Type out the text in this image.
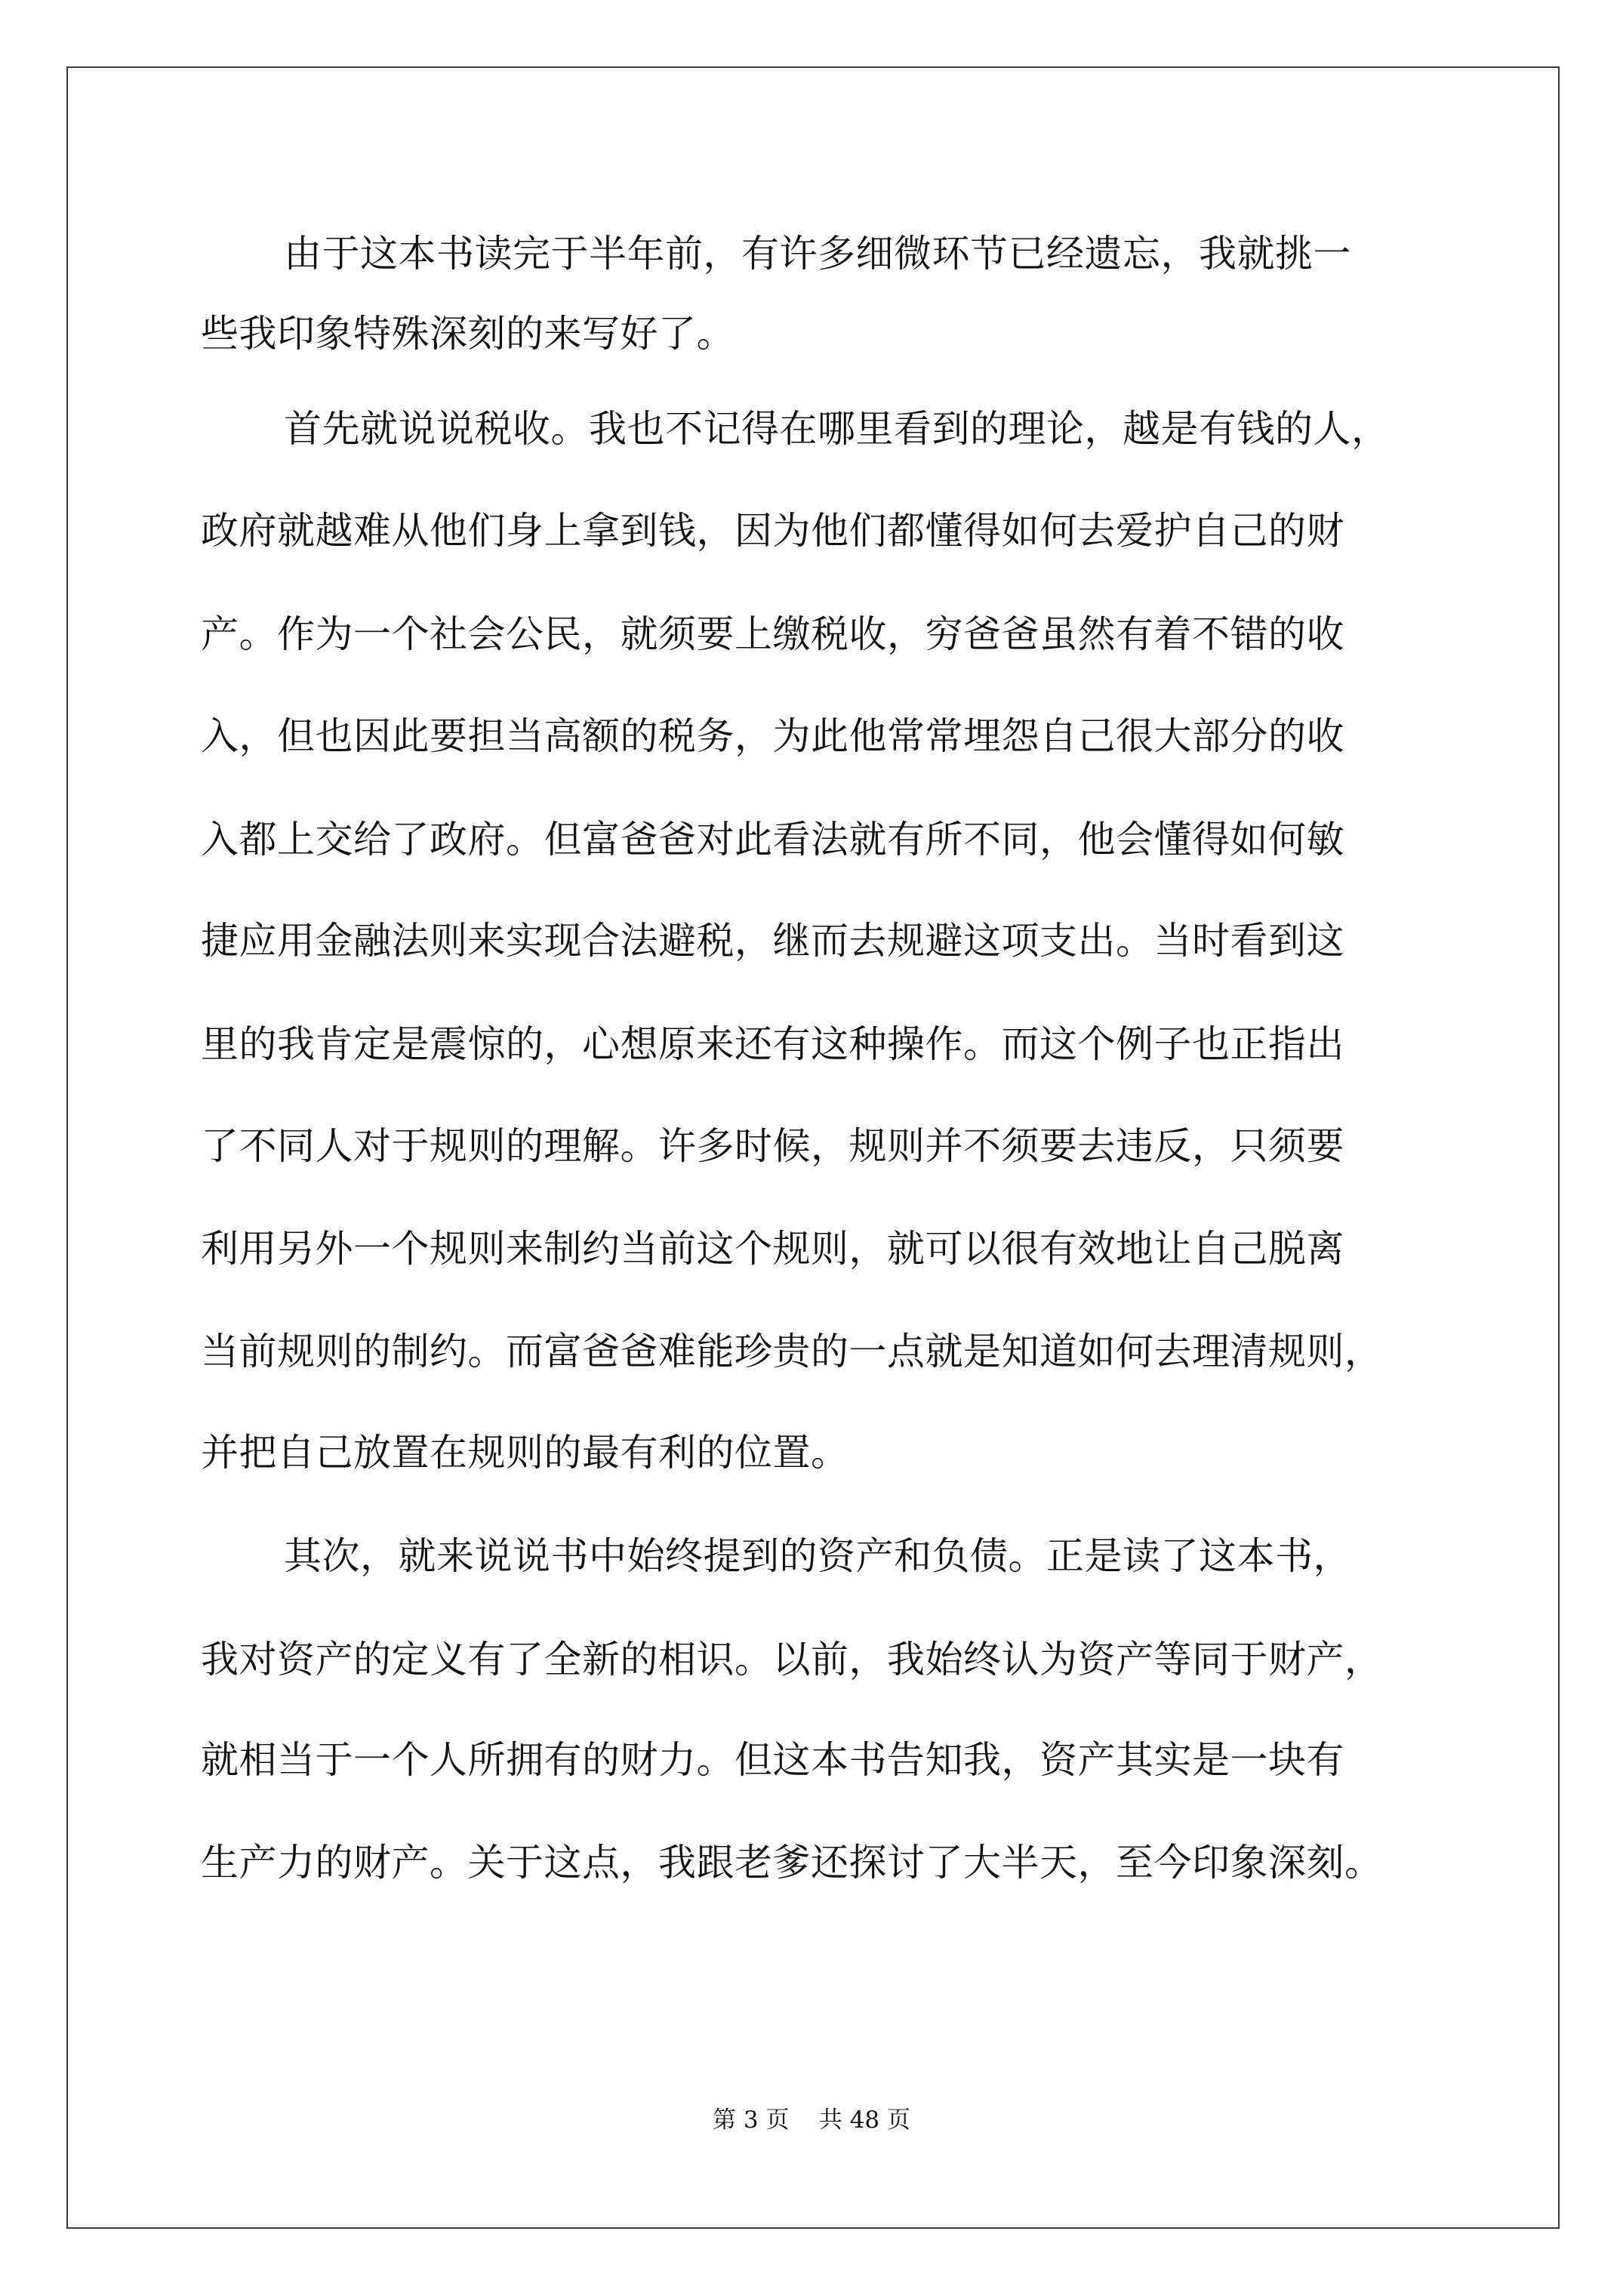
由于这本书读完于半年前，有许多细微环节已经遗忘，我就挑一

些我印象特殊深刻的来写好了。

首先就说说税收。我也不记得在哪里看到的理论，越是有钱的人，

政府就越难从他们身上拿到钱，因为他们都懂得如何去爱护自己的财

产。作为一个社会公民，就须要上缴税收，穷爸爸虽然有着不错的收

入，但也因此要担当高额的税务，为此他常常埋怨自己很大部分的收

入都上交给了政府。但富爸爸对此看法就有所不同，他会懂得如何敏

捷应用金融法则来实现合法避税，继而去规避这项支出。当时看到这

里的我肯定是震惊的，心想原来还有这种操作。而这个例子也正指出

了不同人对于规则的理解。许多时候，规则并不须要去违反，只须要

利用另外一个规则来制约当前这个规则，就可以很有效地让自己脱离

当前规则的制约。而富爸爸难能珍贵的一点就是知道如何去理清规则，

并把自己放置在规则的最有利的位置。

其次，就来说说书中始终提到的资产和负债。正是读了这本书，

我对资产的定义有了全新的相识。以前，我始终认为资产等同于财产，

就相当于一个人所拥有的财力。但这本书告知我，资产其实是一块有

生产力的财产。关于这点，我跟老爹还探讨了大半天，至今印象深刻。

第 3 页 共 48 页
